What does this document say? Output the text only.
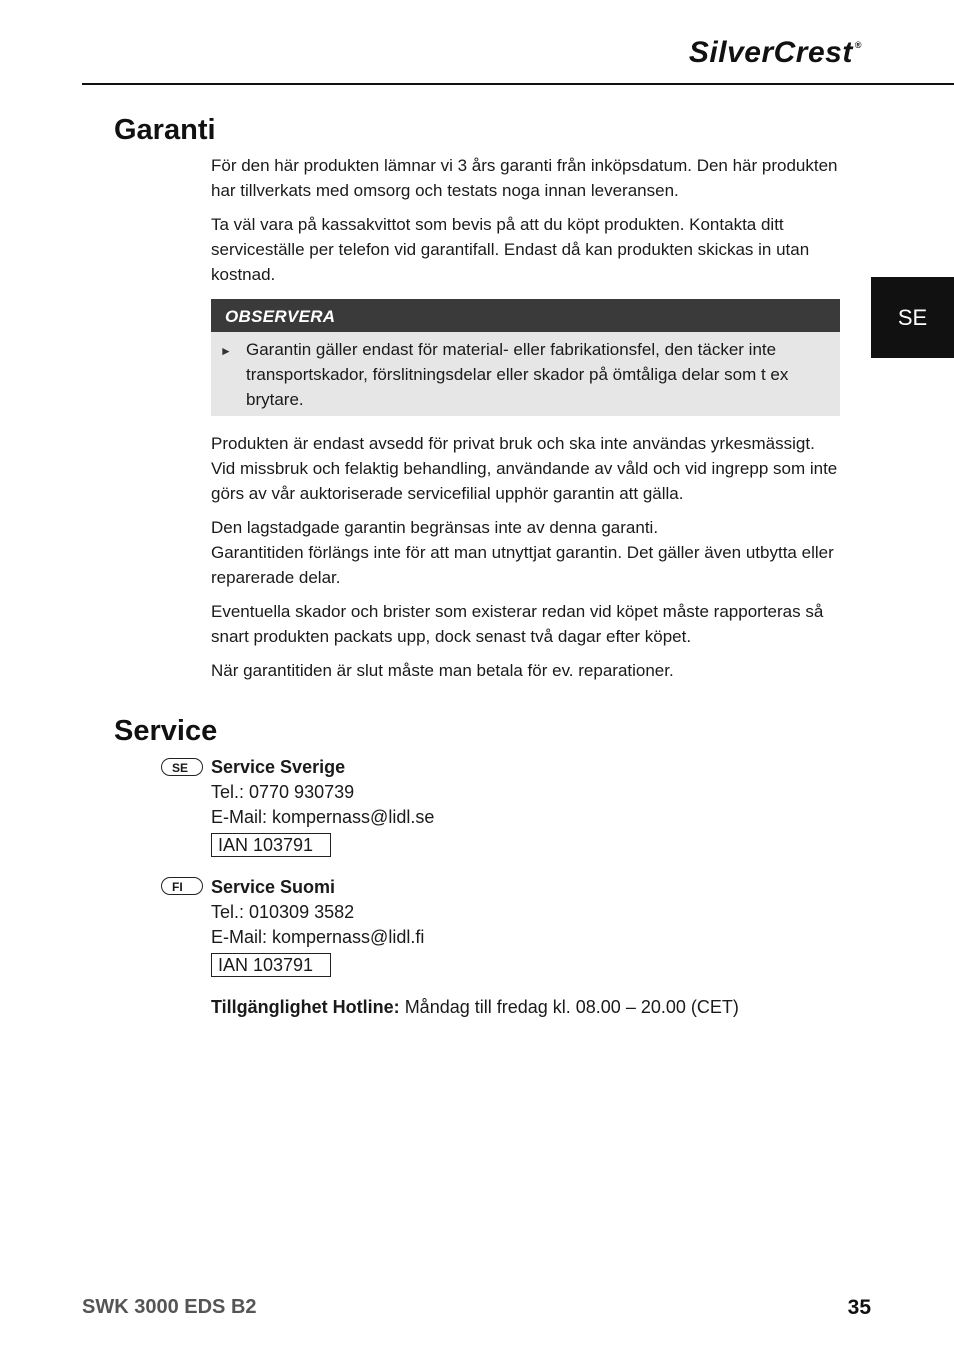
SilverCrest ®
SE
Garanti

För den här produkten lämnar vi 3 års garanti från inköpsdatum. Den här produkten har tillverkats med omsorg och testats noga innan leveransen.

Ta väl vara på kassakvittot som bevis på att du köpt produkten. Kontakta ditt serviceställe per telefon vid garantifall. Endast då kan produkten skickas in utan kostnad.

OBSERVERA
► Garantin gäller endast för material- eller fabrikationsfel, den täcker inte transportskador, förslitningsdelar eller skador på ömtåliga delar som t ex brytare.

Produkten är endast avsedd för privat bruk och ska inte användas yrkesmässigt. Vid missbruk och felaktig behandling, användande av våld och vid ingrepp som inte görs av vår auktoriserade servicefilial upphör garantin att gälla.

Den lagstadgade garantin begränsas inte av denna garanti.

Garantitiden förlängs inte för att man utnyttjat garantin. Det gäller även utbytta eller reparerade delar.

Eventuella skador och brister som existerar redan vid köpet måste rapporteras så snart produkten packats upp, dock senast två dagar efter köpet.

När garantitiden är slut måste man betala för ev. reparationer.

Service
SE	Service Sverige
Tel.: 0770 930739
E-Mail: kompernass@lidl.se
IAN 103791
FI	Service Suomi
Tel.: 010309 3582
E-Mail: kompernass@lidl.fi
IAN 103791
Tillgänglighet Hotline: Måndag till fredag kl. 08.00 – 20.00 (CET)
SWK 3000 EDS B2	35
